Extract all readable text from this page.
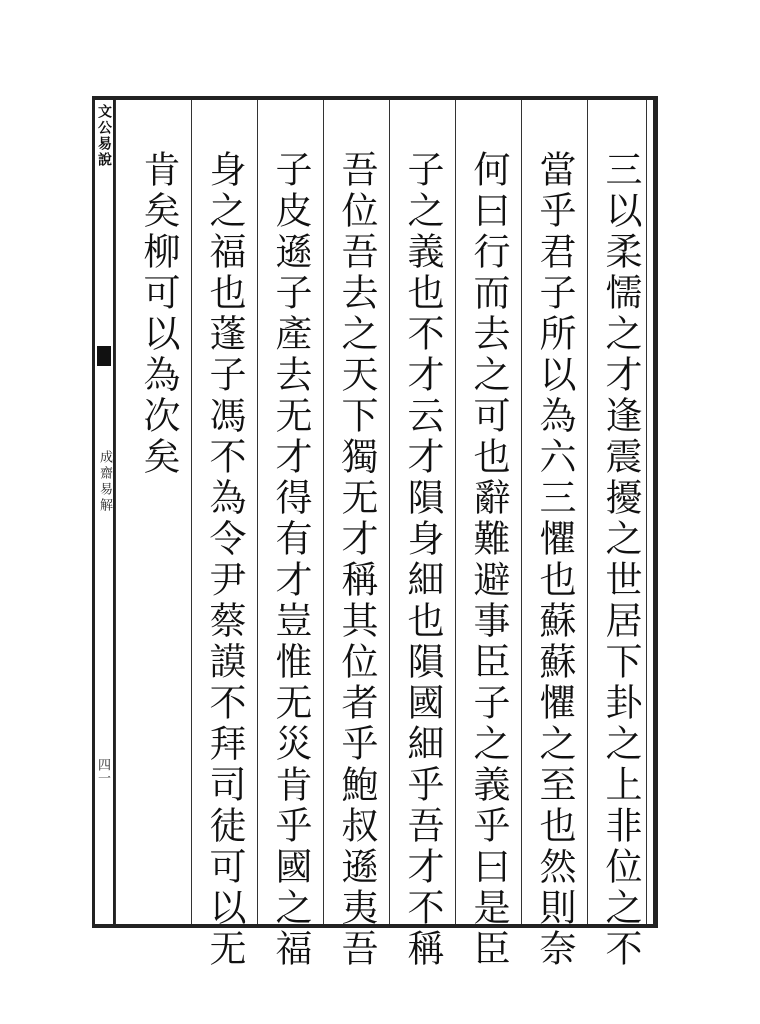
文公易說
成齋易解
四一	三以柔懦之才逢震擾之世居下卦之上非位之不
當乎君子所以為六三懼也蘇蘇懼之至也然則奈
何曰行而去之可也辭難避事臣子之義乎曰是臣
子之義也不才云才隕身細也隕國細乎吾才不稱
吾位吾去之天下獨无才稱其位者乎鮑叔遜夷吾
子皮遜子產去无才得有才豈惟无災肯乎國之福
身之福也蓬子馮不為令尹蔡謨不拜司徒可以无
肯矣柳可以為次矣
